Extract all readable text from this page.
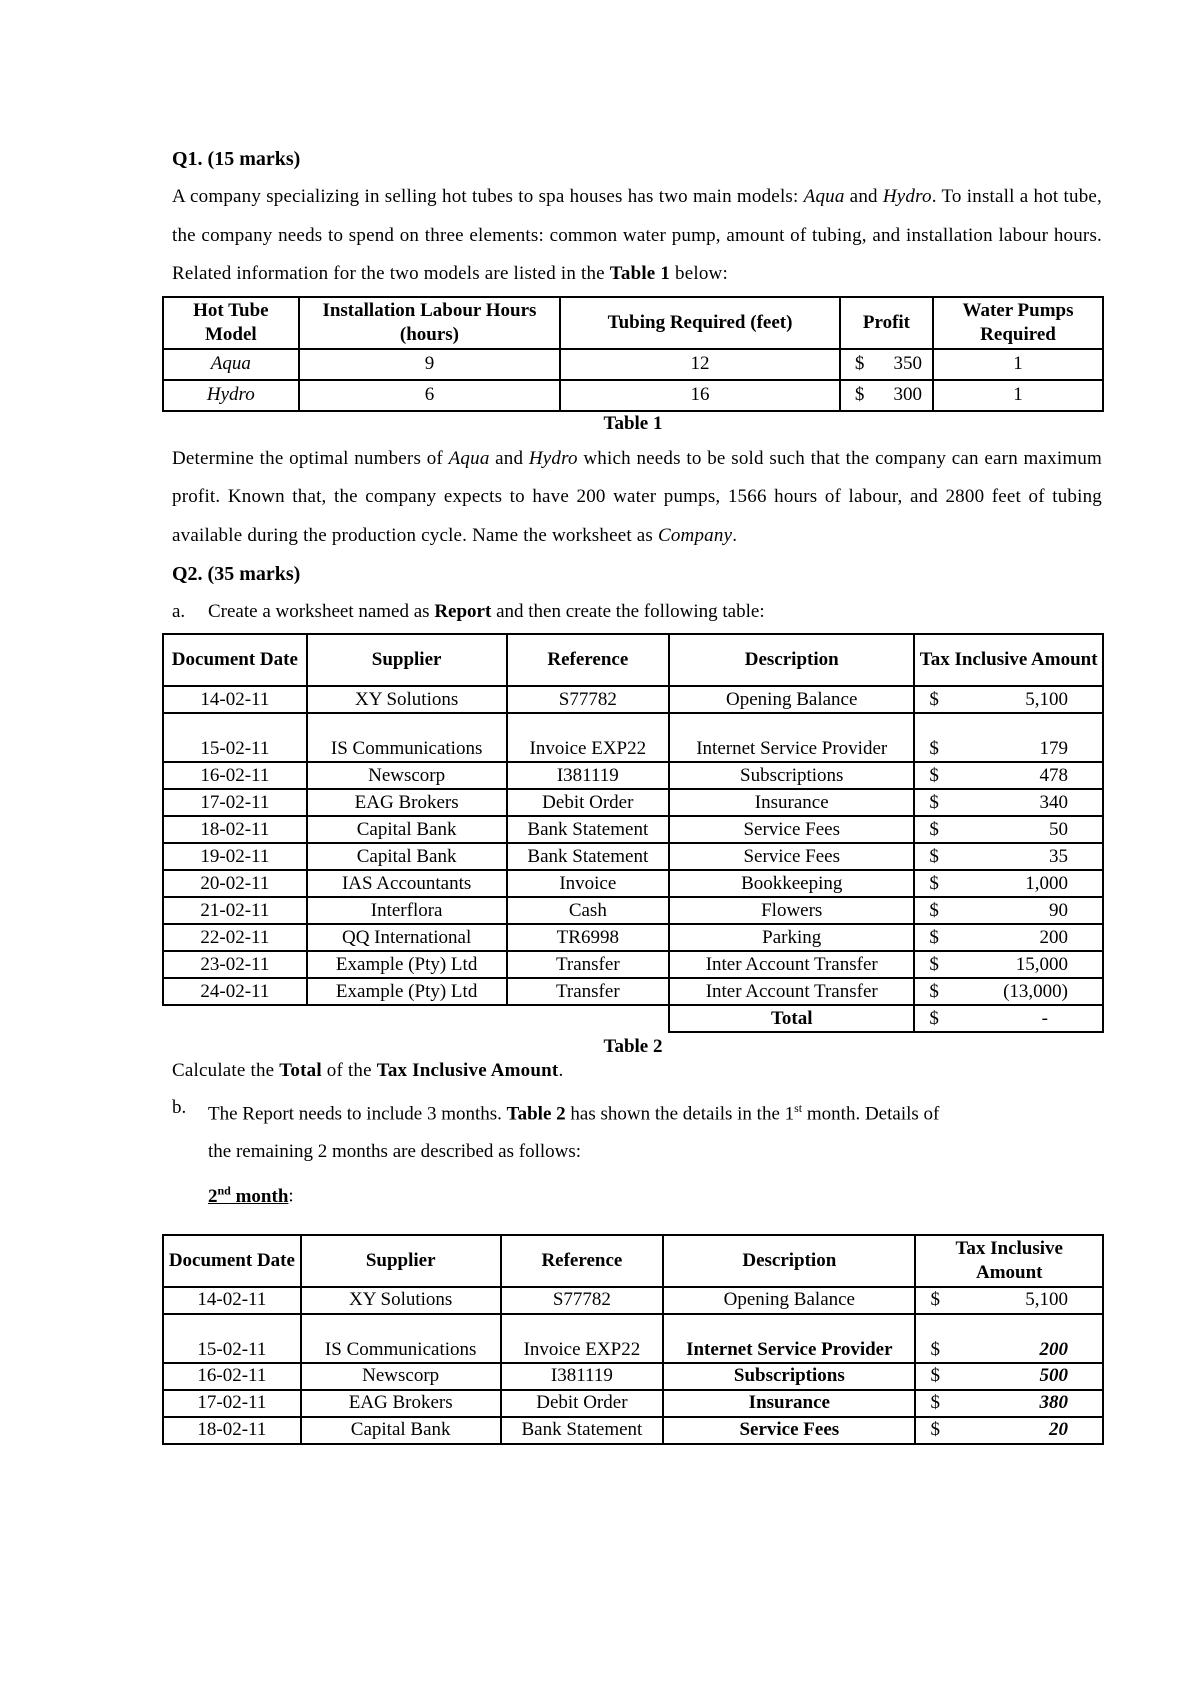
Q1. (15 marks)

A company specializing in selling hot tubes to spa houses has two main models: Aqua and Hydro. To install a hot tube, the company needs to spend on three elements: common water pump, amount of tubing, and installation labour hours. Related information for the two models are listed in the Table 1 below:

Hot Tube Model	Installation Labour Hours (hours)	Tubing Required (feet)	Profit	Water Pumps Required
Aqua	9	12	$ 350	1
Hydro	6	16	$ 300	1
Table 1

Determine the optimal numbers of Aqua and Hydro which needs to be sold such that the company can earn maximum profit. Known that, the company expects to have 200 water pumps, 1566 hours of labour, and 2800 feet of tubing available during the production cycle. Name the worksheet as Company.

Q2. (35 marks)

a.	Create a worksheet named as Report and then create the following table:

Document Date	Supplier	Reference	Description	Tax Inclusive Amount
14-02-11	XY Solutions	S77782	Opening Balance	$ 5,100

15-02-11	IS Communications	Invoice EXP22	Internet Service Provider	$ 179

16-02-11	Newscorp	I381119	Subscriptions	$ 478

17-02-11	EAG Brokers	Debit Order	Insurance	$ 340

18-02-11	Capital Bank	Bank Statement	Service Fees	$ 50

19-02-11	Capital Bank	Bank Statement	Service Fees	$ 35

20-02-11	IAS Accountants	Invoice	Bookkeeping	$ 1,000

21-02-11	Interflora	Cash	Flowers	$ 90

22-02-11	QQ International	TR6998	Parking	$ 200

23-02-11	Example (Pty) Ltd	Transfer	Inter Account Transfer	$ 15,000

24-02-11	Example (Pty) Ltd	Transfer	Inter Account Transfer	$ (13,000)

			Total	$ -
Table 2

Calculate the Total of the Tax Inclusive Amount.

b.	The Report needs to include 3 months. Table 2 has shown the details in the 1st month. Details of

the remaining 2 months are described as follows:

2nd month:

Document Date	Supplier	Reference	Description	Tax Inclusive Amount
14-02-11	XY Solutions	S77782	Opening Balance	$ 5,100

15-02-11	IS Communications	Invoice EXP22	Internet Service Provider	$ 200

16-02-11	Newscorp	I381119	Subscriptions	$ 500

17-02-11	EAG Brokers	Debit Order	Insurance	$ 380

18-02-11	Capital Bank	Bank Statement	Service Fees	$ 20
